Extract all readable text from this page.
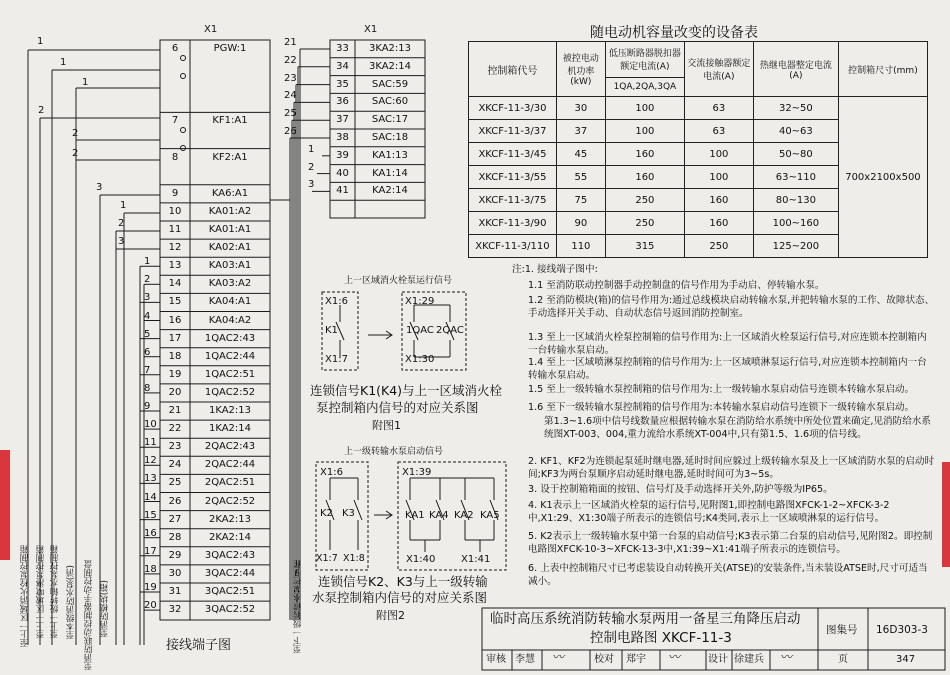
X1
6	PGW:1
7	KF1:A1
8	KF2:A1
9	KA6:A1
10	KA01:A2
11	KA01:A1
12	KA02:A1
13	KA03:A1
14	KA03:A2
15	KA04:A1
16	KA04:A2
17	1QAC2:43
18	1QAC2:44
19	1QAC2:51
20	1QAC2:52
21	1KA2:13
22	1KA2:14
23	2QAC2:43
24	2QAC2:44
25	2QAC2:51
26	2QAC2:52
27	2KA2:13
28	2KA2:14
29	3QAC2:43
30	3QAC2:44
31	3QAC2:51
32	3QAC2:52
1
2
3
4
5
6
7
8
9
10
11
12
13
14
15
16
17
18
19
20
1
1
1
2
2
2
3
1
2
3
X1
33	3KA2:13
21
34	3KA2:14
22
35	SAC:59
23
36	SAC:60
24
37	SAC:17
25
38	SAC:18
26
39	KA1:13
1
40	KA1:14
2
41	KA2:14
3
接线端子图
至上一区域消火栓泵控制箱 至上一区域喷淋泵控制箱 至上一级转输水泵控制箱 至本级消防水泵(消) 至消防联动控制器手动控制盘 至消防模块(箱)	至下一级转输水泵控制箱
随电动机容量改变的设备表
控制箱代号	被控电动机功率(kW)	低压断路器脱扣器额定电流(A)	交流接触器额定电流(A)	热继电器整定电流(A)	控制箱尺寸(mm)
		1QA,2QA,3QA			
XKCF-11-3/30	30	100	63	32~50	700x2100x500
XKCF-11-3/37	37	100	63	40~63	
XKCF-11-3/45	45	160	100	50~80	
XKCF-11-3/55	55	160	100	63~110	
XKCF-11-3/75	75	250	160	80~130	
XKCF-11-3/90	90	250	160	100~160	
XKCF-11-3/110	110	315	250	125~200	
上一区域消火栓泵运行信号
X1:6
K1
X1:7
X1:29
1QAC 2QAC
X1:30
连锁信号K1(K4)与上一区域消火栓
泵控制箱内信号的对应关系图
附图1
上一级转输水泵启动信号
X1:6
K2 K3
X1:7 X1:8
X1:39
KA1 KA4 KA2 KA5
X1:40	X1:41
连锁信号K2、K3与上一级转输
水泵控制箱内信号的对应关系图
附图2
注:1. 接线端子图中:
1.1 至消防联动控制器手动控制盘的信号作用为手动启、停转输水泵。
1.2 至消防模块(箱)的信号作用为:通过总线模块启动转输水泵,并把转输水泵的工作、故障状态、手动选择开关手动、自动状态信号返回消防控制室。
1.3 至上一区域消火栓泵控制箱的信号作用为:上一区域消火栓泵运行信号,对应连锁本控制箱内一台转输水泵启动。
1.4 至上一区域喷淋泵控制箱的信号作用为:上一区域喷淋泵运行信号,对应连锁本控制箱内一台转输水泵启动。
1.5 至上一级转输水泵控制箱的信号作用为:上一级转输水泵启动信号连锁本转输水泵启动。
1.6 至下一级转输水泵控制箱的信号作用为:本转输水泵启动信号连锁下一级转输水泵启动。
第1.3~1.6项中信号线数量应根据转输水泵在消防给水系统中所处位置来确定,见消防给水系统图XT-003、004,重力流给水系统XT-004中,只有第1.5、1.6项的信号线。
2. KF1、KF2为连锁起泵延时继电器,延时时间应躲过上级转输水泵及上一区域消防水泵的启动时间;KF3为两台泵顺序启动延时继电器,延时时间可为3~5s。
3. 设于控制箱箱面的按钮、信号灯及手动选择开关外,防护等级为IP65。
4. K1表示上一区域消火栓泵的运行信号,见附图1,即控制电路图XFCK-1-2~XFCK-3-2中,X1:29、X1:30端子所表示的连锁信号;K4类同,表示上一区域喷淋泵的运行信号。
5. K2表示上一级转输水泵中第一台泵的启动信号;K3表示第二台泵的启动信号,见附图2。即控制电路图XFCK-10-3~XFCK-13-3中,X1:39~X1:41端子所表示的连锁信号。
6. 上表中控制箱尺寸已考虑装设自动转换开关(ATSE)的安装条件,当未装设ATSE时,尺寸可适当减小。
临时高压系统消防转输水泵两用一备星三角降压启动
控制电路图 XKCF-11-3	图集号 16D303-3
审核 李慧 〰	校对 郑宇 〰	设计 徐建兵 〰	页	347
